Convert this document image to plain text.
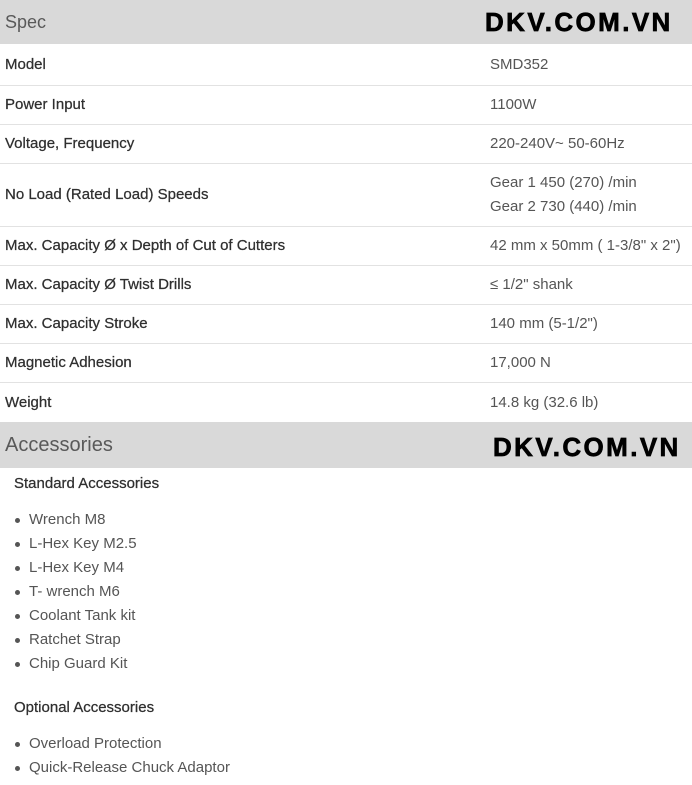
Spec	DKV.COM.VN
Model	SMD352
Power Input	1100W
Voltage, Frequency	220-240V~ 50-60Hz
No Load (Rated Load) Speeds
Gear 1 450 (270) /min
Gear 2 730 (440) /min
Max. Capacity Ø x Depth of Cut of Cutters	42 mm x 50mm ( 1-3/8" x 2")
Max. Capacity Ø Twist Drills	≤ 1/2" shank
Max. Capacity Stroke	140 mm (5-1/2")
Magnetic Adhesion	17,000 N
Weight	14.8 kg (32.6 lb)
Accessories	DKV.COM.VN
Standard Accessories
Wrench M8
L-Hex Key M2.5
L-Hex Key M4
T- wrench M6
Coolant Tank kit
Ratchet Strap
Chip Guard Kit
Optional Accessories
Overload Protection
Quick-Release Chuck Adaptor
